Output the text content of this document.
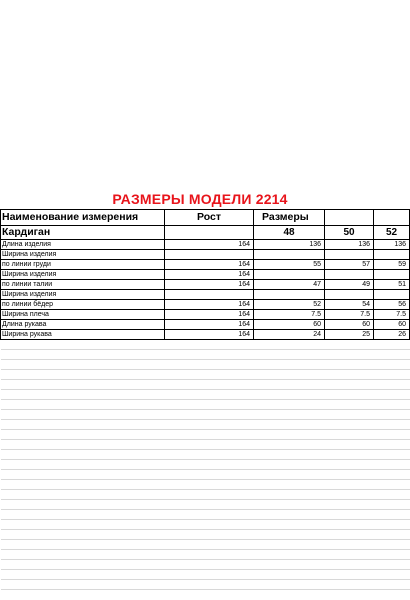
РАЗМЕРЫ МОДЕЛИ 2214
Наименование измерения	Рост	Размеры		
Кардиган		48	50	52
Длина изделия	164	136	136	136
Ширина изделия				
по линии груди	164	55	57	59
Ширина изделия	164			
по линии талии	164	47	49	51
Ширина изделия				
по линии бёдер	164	52	54	56
Ширина плеча	164	7.5	7.5	7.5
Длина рукава	164	60	60	60
Ширина рукава	164	24	25	26
